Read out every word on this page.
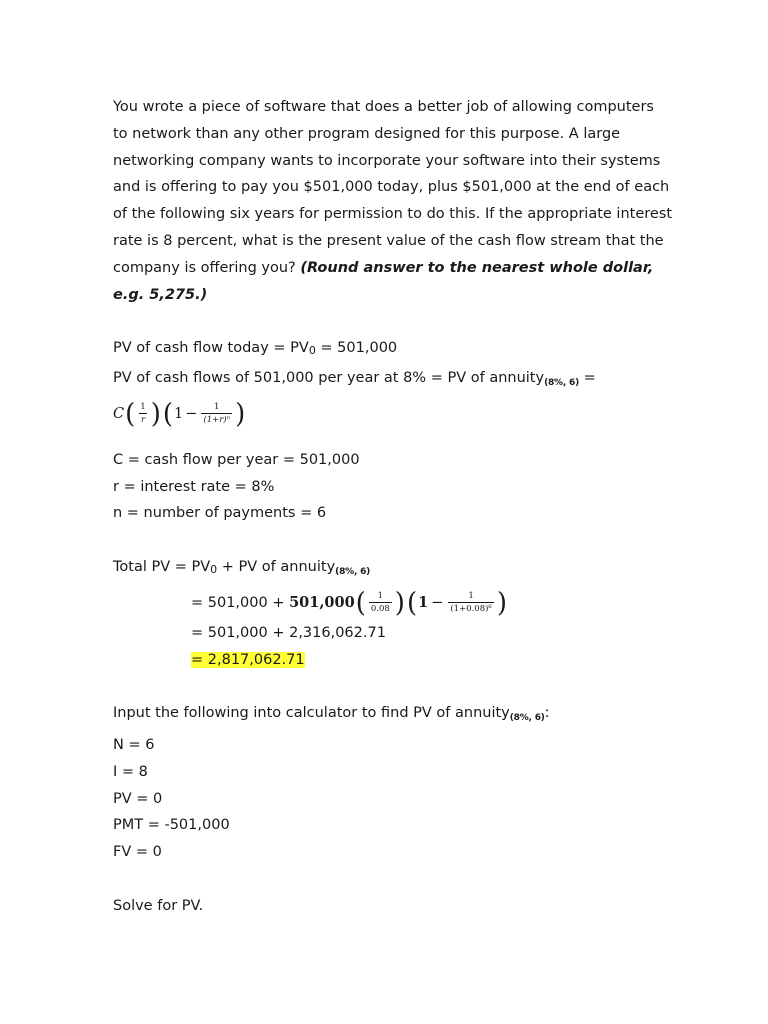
You wrote a piece of software that does a better job of allowing computers to network than any other program designed for this purpose. A large networking company wants to incorporate your software into their systems and is offering to pay you $501,000 today, plus $501,000 at the end of each of the following six years for permission to do this. If the appropriate interest rate is 8 percent, what is the present value of the cash flow stream that the company is offering you? (Round answer to the nearest whole dollar, e.g. 5,275.)

PV of cash flow today = PV0 = 501,000
PV of cash flows of 501,000 per year at 8% = PV of annuity$_{(8\%, 6)}$ =
C ( $\frac{1}{r}$ ) ( $1 - \frac{1}{\text{(1+r)ⁿ}}$ )
C = cash flow per year = 501,000
r = interest rate = 8%
n = number of payments = 6
Total PV = PV0 + PV of annuity$_{(8\%, 6)}$
= 501,000 + 501,000 ( $\frac{1}{0.08}$ ) ( $1 - \frac{1}{\text{(1+0.08)⁶}}$ )
= 501,000 + 2,316,062.71
= 2,817,062.71
Input the following into calculator to find PV of annuity$_{(8\%, 6)}$:
N = 6
I = 8
PV = 0
PMT = -501,000
FV = 0
Solve for PV.
